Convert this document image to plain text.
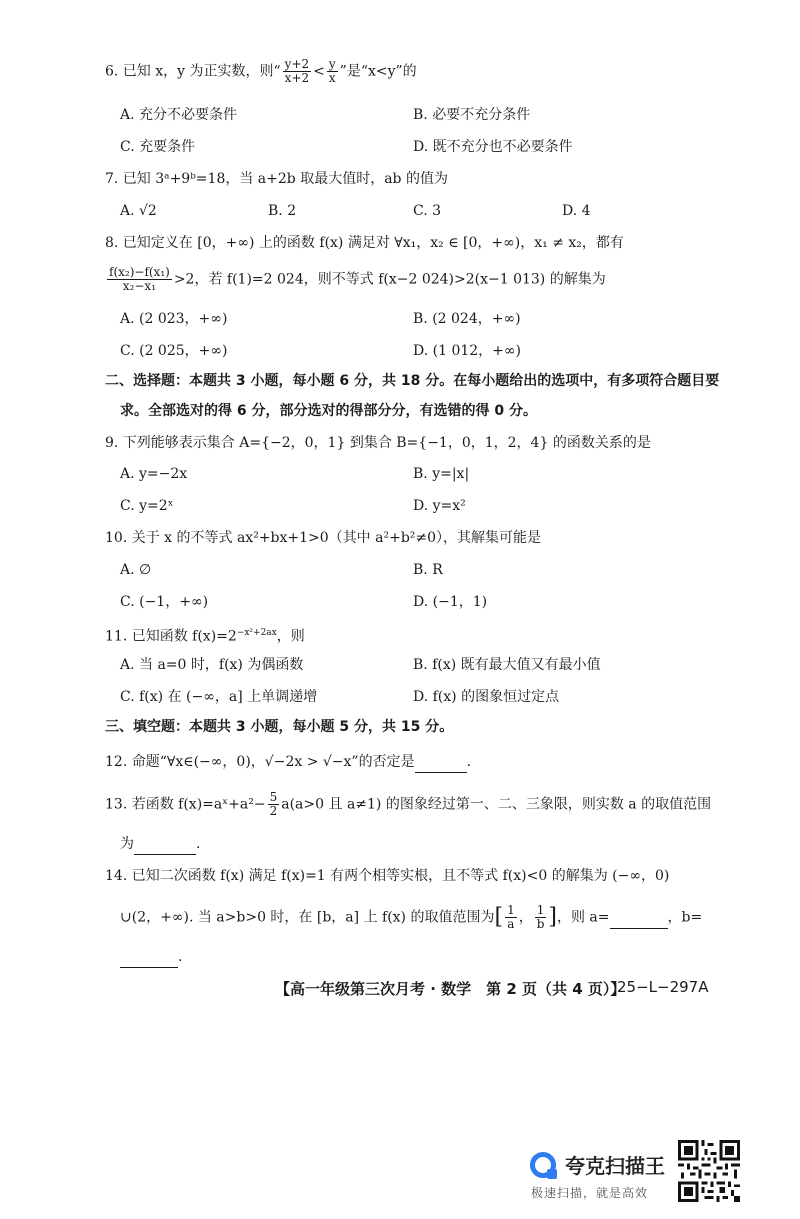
6. 已知 x，y 为正实数，则“ $\frac{y+2}{x+2} < \frac{y}{x}$ ”是“x<y”的
A. 充分不必要条件	B. 必要不充分条件
C. 充要条件	D. 既不充分也不必要条件
7. 已知 3ᵃ+9ᵇ=18，当 a+2b 取最大值时，ab 的值为
A. √2	B. 2	C. 3	D. 4
8. 已知定义在 [0，+∞) 上的函数 f(x) 满足对 ∀x₁，x₂ ∈ [0，+∞)，x₁ ≠ x₂，都有
$\frac{\text{f(x₂)−f(x₁)}}{\text{x₂−x₁}} >2$，若 f(1)=2 024，则不等式 f(x−2 024)>2(x−1 013) 的解集为
A. (2 023，+∞)	B. (2 024，+∞)
C. (2 025，+∞)	D. (1 012，+∞)
二、选择题：本题共 3 小题，每小题 6 分，共 18 分。在每小题给出的选项中，有多项符合题目要
求。全部选对的得 6 分，部分选对的得部分分，有选错的得 0 分。
9. 下列能够表示集合 A={−2，0，1} 到集合 B={−1，0，1，2，4} 的函数关系的是
A. y=−2x	B. y=|x|
C. y=2ˣ	D. y=x²
10. 关于 x 的不等式 ax²+bx+1>0（其中 a²+b²≠0），其解集可能是
A. ∅	B. R
C. (−1，+∞)	D. (−1，1)
11. 已知函数 $f(x)=2^{-x^2+2ax}$，则
A. 当 a=0 时，f(x) 为偶函数	B. f(x) 既有最大值又有最小值
C. f(x) 在 (−∞，a] 上单调递增	D. f(x) 的图象恒过定点
三、填空题：本题共 3 小题，每小题 5 分，共 15 分。
12. 命题“∀x∈(−∞，0)，√−2x > √−x”的否定是	.
13. 若函数 f(x)=aˣ+a²− $\frac{5}{2} a(a>0$ 且 a≠1) 的图象经过第一、二、三象限，则实数 a 的取值范围
为	.
14. 已知二次函数 f(x) 满足 f(x)=1 有两个相等实根，且不等式 f(x)<0 的解集为 (−∞，0)
∪(2，+∞). 当 a>b>0 时，在 [b，a] 上 f(x) 的取值范围为[ $\frac{1}{a}$ ， $\frac{1}{b}$ ]，则 a=	，b=
.
【高一年级第三次月考 · 数学　第 2 页（共 4 页）】
25−L−297A
夸克扫描王
极速扫描，就是高效
